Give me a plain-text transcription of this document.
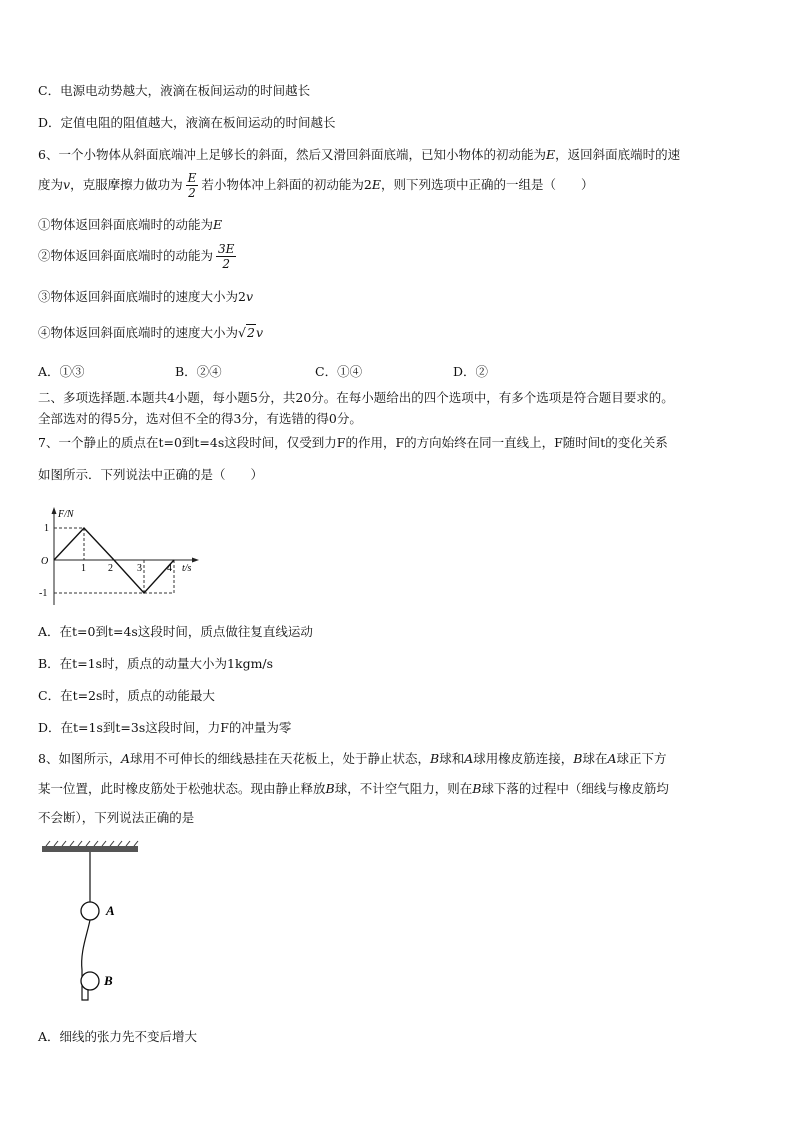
C．电源电动势越大，液滴在板间运动的时间越长
D．定值电阻的阻值越大，液滴在板间运动的时间越长
6、一个小物体从斜面底端冲上足够长的斜面，然后又滑回斜面底端，已知小物体的初动能为E，返回斜面底端时的速
度为v，克服摩擦力做功为 $\frac{E}{2}$ 若小物体冲上斜面的初动能为2E，则下列选项中正确的一组是（　　）
①物体返回斜面底端时的动能为E
②物体返回斜面底端时的动能为 $\frac{3E}{2}$
③物体返回斜面底端时的速度大小为2v
④物体返回斜面底端时的速度大小为√2v
A．①③	B．②④	C．①④	D．②
二、多项选择题.本题共4小题，每小题5分，共20分。在每小题给出的四个选项中，有多个选项是符合题目要求的。
全部选对的得5分，选对但不全的得3分，有选错的得0分。
7、一个静止的质点在t=0到t=4s这段时间，仅受到力F的作用，F的方向始终在同一直线上，F随时间t的变化关系
如图所示．下列说法中正确的是（　　）
F/N
t/s
O
1
-1
1 2 3	4
A．在t=0到t=4s这段时间，质点做往复直线运动
B．在t=1s时，质点的动量大小为1kgm/s
C．在t=2s时，质点的动能最大
D．在t=1s到t=3s这段时间，力F的冲量为零
8、如图所示，A球用不可伸长的细线悬挂在天花板上，处于静止状态，B球和A球用橡皮筋连接，B球在A球正下方
某一位置，此时橡皮筋处于松弛状态。现由静止释放B球，不计空气阻力，则在B球下落的过程中（细线与橡皮筋均
不会断），下列说法正确的是
A
B
A．细线的张力先不变后增大
